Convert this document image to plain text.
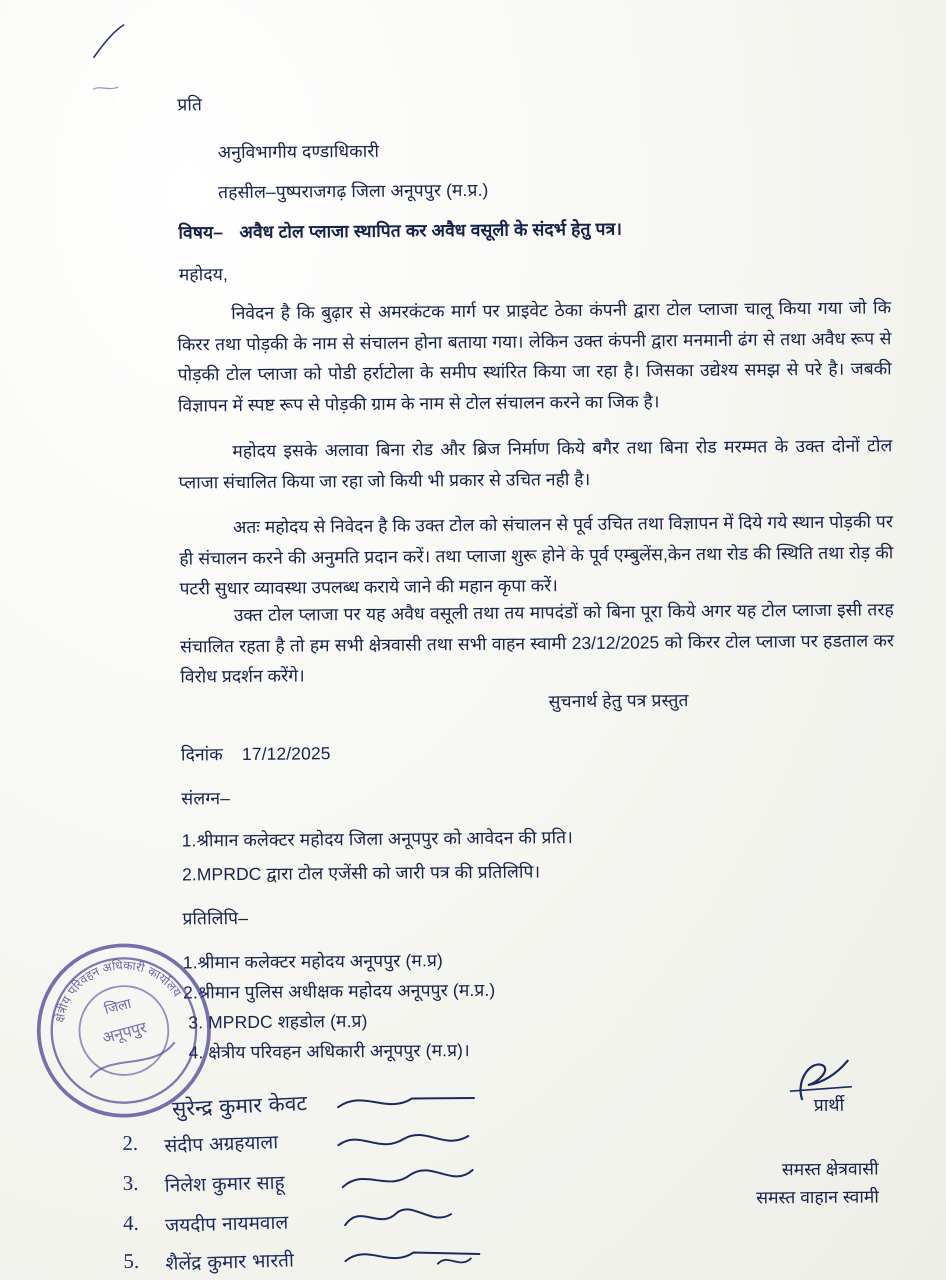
प्रति
अनुविभागीय दण्डाधिकारी
तहसील–पुष्पराजगढ़ जिला अनूपपुर (म.प्र.)
विषय– अवैध टोल प्लाजा स्थापित कर अवैध वसूली के संदर्भ हेतु पत्र।
महोदय,
निवेदन है कि बुढ़ार से अमरकंटक मार्ग पर प्राइवेट ठेका कंपनी द्वारा टोल प्लाजा चालू किया गया जो कि किरर तथा पोड़की के नाम से संचालन होना बताया गया। लेकिन उक्त कंपनी द्वारा मनमानी ढंग से तथा अवैध रूप से पोड़की टोल प्लाजा को पोडी हर्राटोला के समीप स्थांरित किया जा रहा है। जिसका उद्येश्य समझ से परे है। जबकी विज्ञापन में स्पष्ट रूप से पोड़की ग्राम के नाम से टोल संचालन करने का जिक है।
महोदय इसके अलावा बिना रोड और ब्रिज निर्माण किये बगैर तथा बिना रोड मरम्मत के उक्त दोनों टोल प्लाजा संचालित किया जा रहा जो कियी भी प्रकार से उचित नही है।
अतः महोदय से निवेदन है कि उक्त टोल को संचालन से पूर्व उचित तथा विज्ञापन में दिये गये स्थान पोड़की पर ही संचालन करने की अनुमति प्रदान करें। तथा प्लाजा शुरू होने के पूर्व एम्बुलेंस,केन तथा रोड की स्थिति तथा रोड़ की पटरी सुधार व्यावस्था उपलब्ध कराये जाने की महान कृपा करें।
उक्त टोल प्लाजा पर यह अवैध वसूली तथा तय मापदंडों को बिना पूरा किये अगर यह टोल प्लाजा इसी तरह संचालित रहता है तो हम सभी क्षेत्रवासी तथा सभी वाहन स्वामी 23/12/2025 को किरर टोल प्लाजा पर हडताल कर विरोध प्रदर्शन करेंगे।
सुचनार्थ हेतु पत्र प्रस्तुत
दिनांक 17/12/2025
संलग्न–
1.श्रीमान कलेक्टर महोदय जिला अनूपपुर को आवेदन की प्रति।
2.MPRDC द्वारा टोल एजेंसी को जारी पत्र की प्रतिलिपि।
प्रतिलिपि–
1.श्रीमान कलेक्टर महोदय अनूपपुर (म.प्र)
2.श्रीमान पुलिस अधीक्षक महोदय अनूपपुर (म.प्र.)
3. MPRDC शहडोल (म.प्र)
4. क्षेत्रीय परिवहन अधिकारी अनूपपुर (म.प्र)।
क्षेत्रीय परिवहन अधिकारी कार्यालय
जिला
अनूपपुर
सुरेन्द्र कुमार केवट
2. संदीप अग्रहयाला
3. निलेश कुमार साहू
4. जयदीप नायमवाल
5. शैलेंद्र कुमार भारती
प्रार्थी
समस्त क्षेत्रवासी
समस्त वाहान स्वामी
